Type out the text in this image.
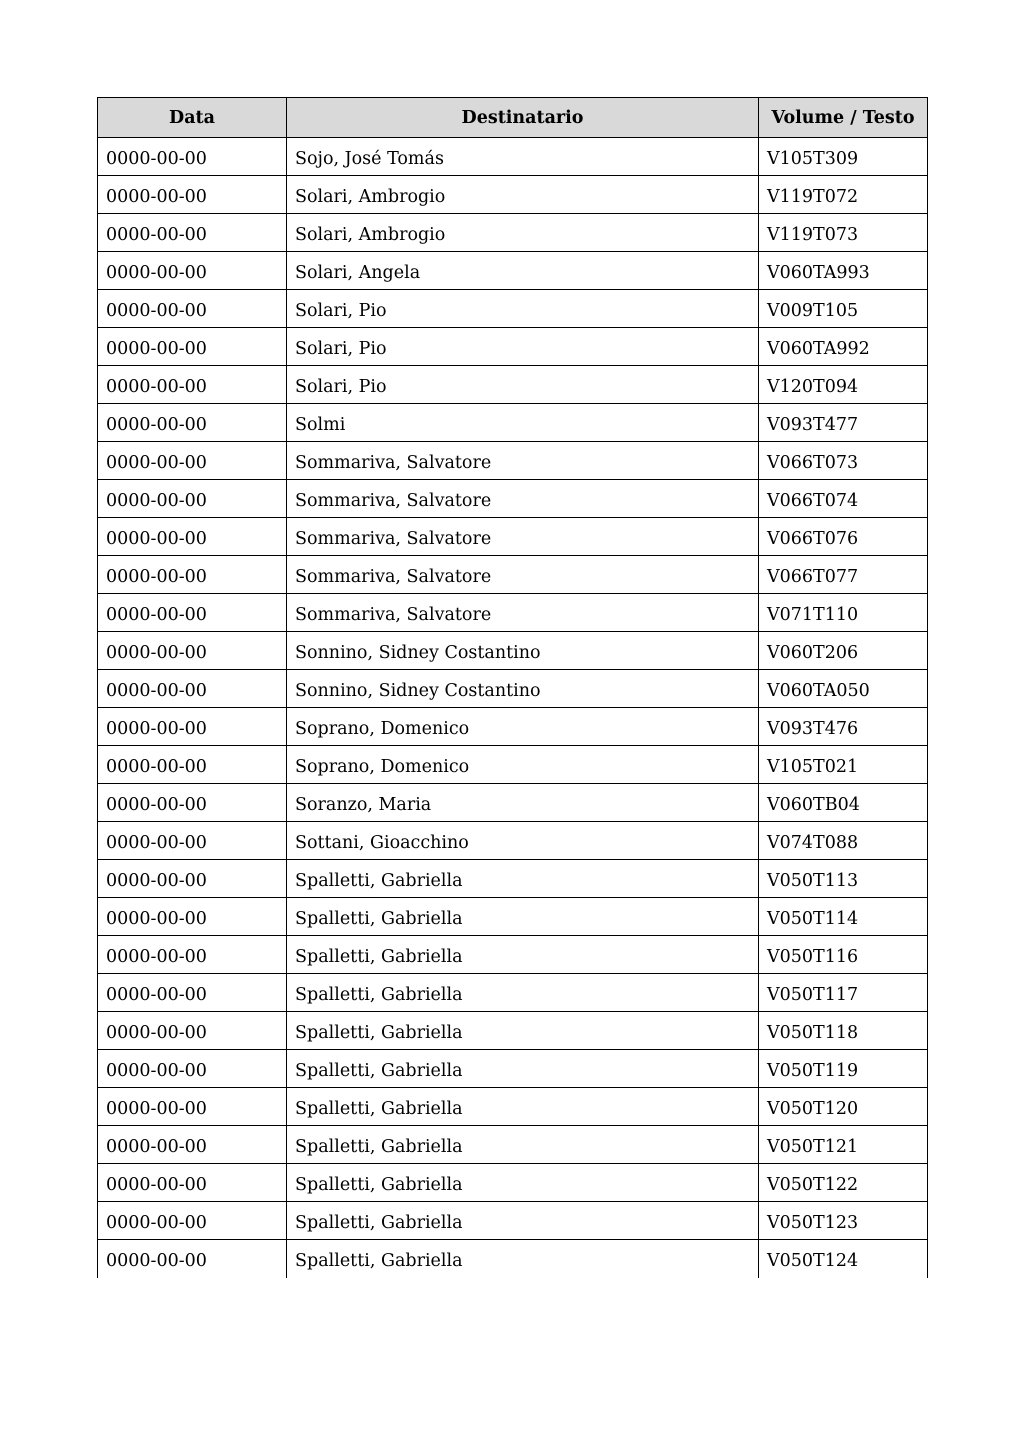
Data	Destinatario	Volume / Testo
0000-00-00	Sojo, José Tomás	V105T309
0000-00-00	Solari, Ambrogio	V119T072
0000-00-00	Solari, Ambrogio	V119T073
0000-00-00	Solari, Angela	V060TA993
0000-00-00	Solari, Pio	V009T105
0000-00-00	Solari, Pio	V060TA992
0000-00-00	Solari, Pio	V120T094
0000-00-00	Solmi	V093T477
0000-00-00	Sommariva, Salvatore	V066T073
0000-00-00	Sommariva, Salvatore	V066T074
0000-00-00	Sommariva, Salvatore	V066T076
0000-00-00	Sommariva, Salvatore	V066T077
0000-00-00	Sommariva, Salvatore	V071T110
0000-00-00	Sonnino, Sidney Costantino	V060T206
0000-00-00	Sonnino, Sidney Costantino	V060TA050
0000-00-00	Soprano, Domenico	V093T476
0000-00-00	Soprano, Domenico	V105T021
0000-00-00	Soranzo, Maria	V060TB04
0000-00-00	Sottani, Gioacchino	V074T088
0000-00-00	Spalletti, Gabriella	V050T113
0000-00-00	Spalletti, Gabriella	V050T114
0000-00-00	Spalletti, Gabriella	V050T116
0000-00-00	Spalletti, Gabriella	V050T117
0000-00-00	Spalletti, Gabriella	V050T118
0000-00-00	Spalletti, Gabriella	V050T119
0000-00-00	Spalletti, Gabriella	V050T120
0000-00-00	Spalletti, Gabriella	V050T121
0000-00-00	Spalletti, Gabriella	V050T122
0000-00-00	Spalletti, Gabriella	V050T123
0000-00-00	Spalletti, Gabriella	V050T124
